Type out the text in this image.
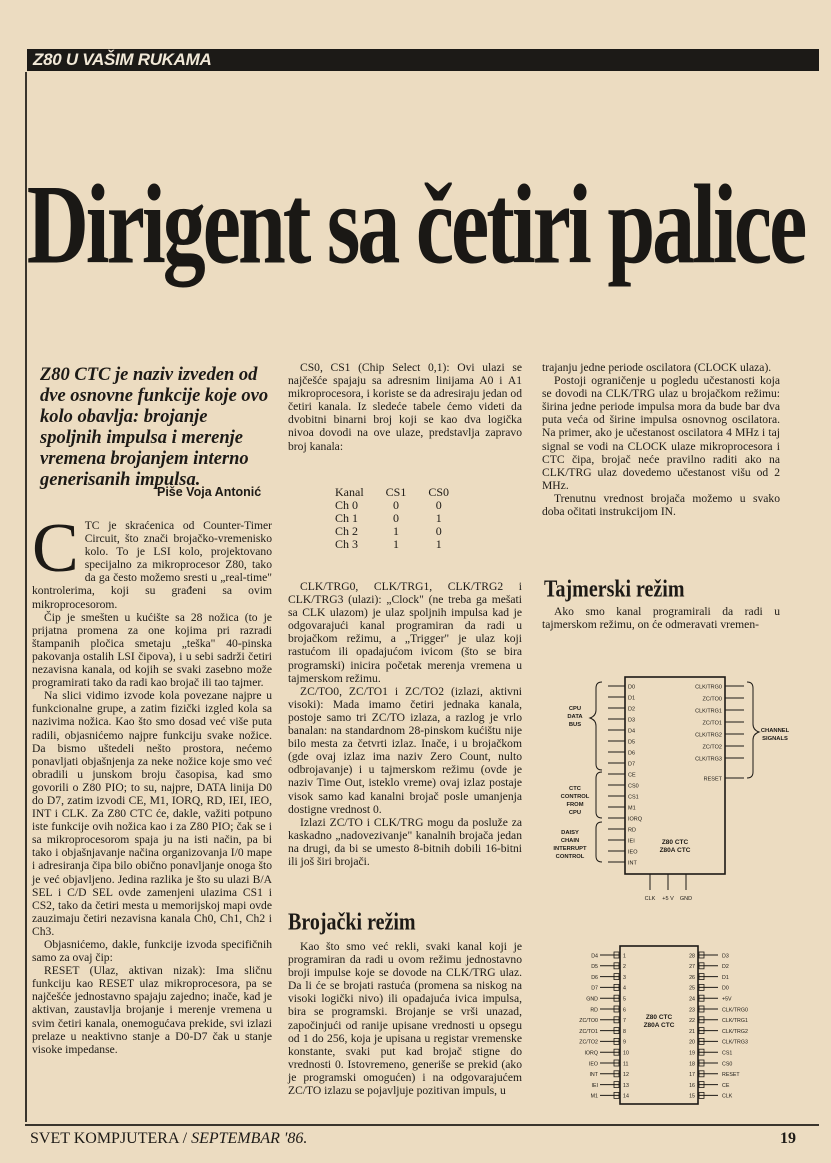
Z80 U VAŠIM RUKAMA
Dirigent sa četiri palice
Z80 CTC je naziv izveden od dve osnovne funkcije koje ovo kolo obavlja: brojanje spoljnih impulsa i merenje vremena brojanjem interno generisanih impulsa.
Piše Voja Antonić
C TC je skraćenica od Counter-Timer Circuit, što znači brojačko-vremenisko kolo. To je LSI kolo, projektovano specijalno za mikroprocesor Z80, tako da ga često možemo sresti u „real-time" kontrolerima, koji su građeni sa ovim mikroprocesorom.

Čip je smešten u kućište sa 28 nožica (to je prijatna promena za one kojima pri razradi štampanih pločica smetaju „teška" 40-pinska pakovanja ostalih LSI čipova), i u sebi sadrži četiri nezavisna kanala, od kojih se svaki zasebno može programirati tako da radi kao brojač ili tao tajmer.

Na slici vidimo izvode kola povezane najpre u funkcionalne grupe, a zatim fizički izgled kola sa nazivima nožica. Kao što smo dosad već više puta radili, objasnićemo najpre funkciju svake nožice. Da bismo uštedeli nešto prostora, nećemo ponavljati objašnjenja za neke nožice koje smo već obradili u junskom broju časopisa, kad smo govorili o Z80 PIO; to su, najpre, DATA linija D0 do D7, zatim izvodi CE, M1, IORQ, RD, IEI, IEO, INT i CLK. Za Z80 CTC će, dakle, važiti potpuno iste funkcije ovih nožica kao i za Z80 PIO; čak se i sa mikroprocesorom spaja ju na isti način, pa bi tako i objašnjavanje načina organizovanja I/0 mape i adresiranja čipa bilo obično ponavljanje onoga što je već objavljeno. Jedina razlika je što su ulazi B/A SEL i C/D SEL ovde zamenjeni ulazima CS1 i CS2, tako da četiri mesta u memorijskoj mapi ovde zauzimaju četiri nezavisna kanala Ch0, Ch1, Ch2 i Ch3.

Objasnićemo, dakle, funkcije izvoda specifičnih samo za ovaj čip:

RESET (Ulaz, aktivan nizak): Ima sličnu funkciju kao RESET ulaz mikroprocesora, pa se najčešće jednostavno spajaju zajedno; inače, kad je aktivan, zaustavlja brojanje i merenje vremena u svim četiri kanala, onemogućava prekide, svi izlazi prelaze u neaktivno stanje a D0-D7 čak u stanje visoke impedanse.

CS0, CS1 (Chip Select 0,1): Ovi ulazi se najčešće spajaju sa adresnim linijama A0 i A1 mikroprocesora, i koriste se da adresiraju jedan od četiri kanala. Iz sledeće tabele ćemo videti da dvobitni binarni broj koji se kao dva logička nivoa dovodi na ove ulaze, predstavlja zapravo broj kanala:

Kanal	CS1	CS0
Ch 0	0	0
Ch 1	0	1
Ch 2	1	0
Ch 3	1	1

CLK/TRG0, CLK/TRG1, CLK/TRG2 i CLK/TRG3 (ulazi): „Clock" (ne treba ga mešati sa CLK ulazom) je ulaz spoljnih impulsa kad je odgovarajući kanal programiran da radi u brojačkom režimu, a „Trigger" je ulaz koji rastućom ili opadajućom ivicom (što se bira programski) inicira početak merenja vremena u tajmerskom režimu.

ZC/TO0, ZC/TO1 i ZC/TO2 (izlazi, aktivni visoki): Mada imamo četiri jednaka kanala, postoje samo tri ZC/TO izlaza, a razlog je vrlo banalan: na standardnom 28-pinskom kućištu nije bilo mesta za četvrti izlaz. Inače, i u brojačkom (gde ovaj izlaz ima naziv Zero Count, nulto odbrojavanje) i u tajmerskom režimu (ovde je naziv Time Out, isteklo vreme) ovaj izlaz postaje visok samo kad kanalni brojač posle umanjenja dostigne vrednost 0.

Izlazi ZC/TO i CLK/TRG mogu da posluže za kaskadno „nadovezivanje" kanalnih brojača jedan na drugi, da bi se umesto 8-bitnih dobili 16-bitni ili još širi brojači.

Brojački režim

Kao što smo već rekli, svaki kanal koji je programiran da radi u ovom režimu jednostavno broji impulse koje se dovode na CLK/TRG ulaz. Da li će se brojati rastuća (promena sa niskog na visoki logički nivo) ili opadajuća ivica impulsa, bira se programski. Brojanje se vrši unazad, započinjući od ranije upisane vrednosti u opsegu od 1 do 256, koja je upisana u registar vremenske konstante, svaki put kad brojač stigne do vrednosti 0. Istovremeno, generiše se prekid (ako je programski omogućen) i na odgovarajućem ZC/TO izlazu se pojavljuje pozitivan impuls, u

trajanju jedne periode oscilatora (CLOCK ulaza).

Postoji ograničenje u pogledu učestanosti koja se dovodi na CLK/TRG ulaz u brojačkom režimu: širina jedne periode impulsa mora da bude bar dva puta veća od širine impulsa osnovnog oscilatora. Na primer, ako je učestanost oscilatora 4 MHz i taj signal se vodi na CLOCK ulaze mikroprocesora i CTC čipa, brojač neće pravilno raditi ako na CLK/TRG ulaz dovedemo učestanost višu od 2 MHz.

Trenutnu vrednost brojača možemo u svako doba očitati instrukcijom IN.

Tajmerski režim

Ako smo kanal programirali da radi u tajmerskom režimu, on će odmeravati vremen-

D0
D1
D2
D3
D4
D5
D6
D7
CE
CS0
CS1
M1
IORQ
RD
IEI
IEO
INT
CLK/TRG0
ZC/TO0
CLK/TRG1
ZC/TO1
CLK/TRG2
ZC/TO2
CLK/TRG3
RESET
Z80 CTC
Z80A CTC
CLK +5 V GND
CPU
DATA
BUS
CTC
CONTROL
FROM
CPU
DAISY
CHAIN
INTERRUPT
CONTROL
CHANNEL
SIGNALS
Z80 CTC
Z80A CTC
1
D4
2
D5
3
D6
4
D7
5
GND
6
RD
7
ZC/TO0
8
ZC/TO1
9
ZC/TO2
10
IORQ
11
IEO
12
INT
13
IEI
14
M1
28	D3
27	D2
26	D1
25	D0
24	+5V
23	CLK/TRG0
22	CLK/TRG1
21	CLK/TRG2
20	CLK/TRG3
19	CS1
18	CS0
17	RESET
16	CE
15	CLK
SVET KOMPJUTERA / SEPTEMBAR '86.	19
